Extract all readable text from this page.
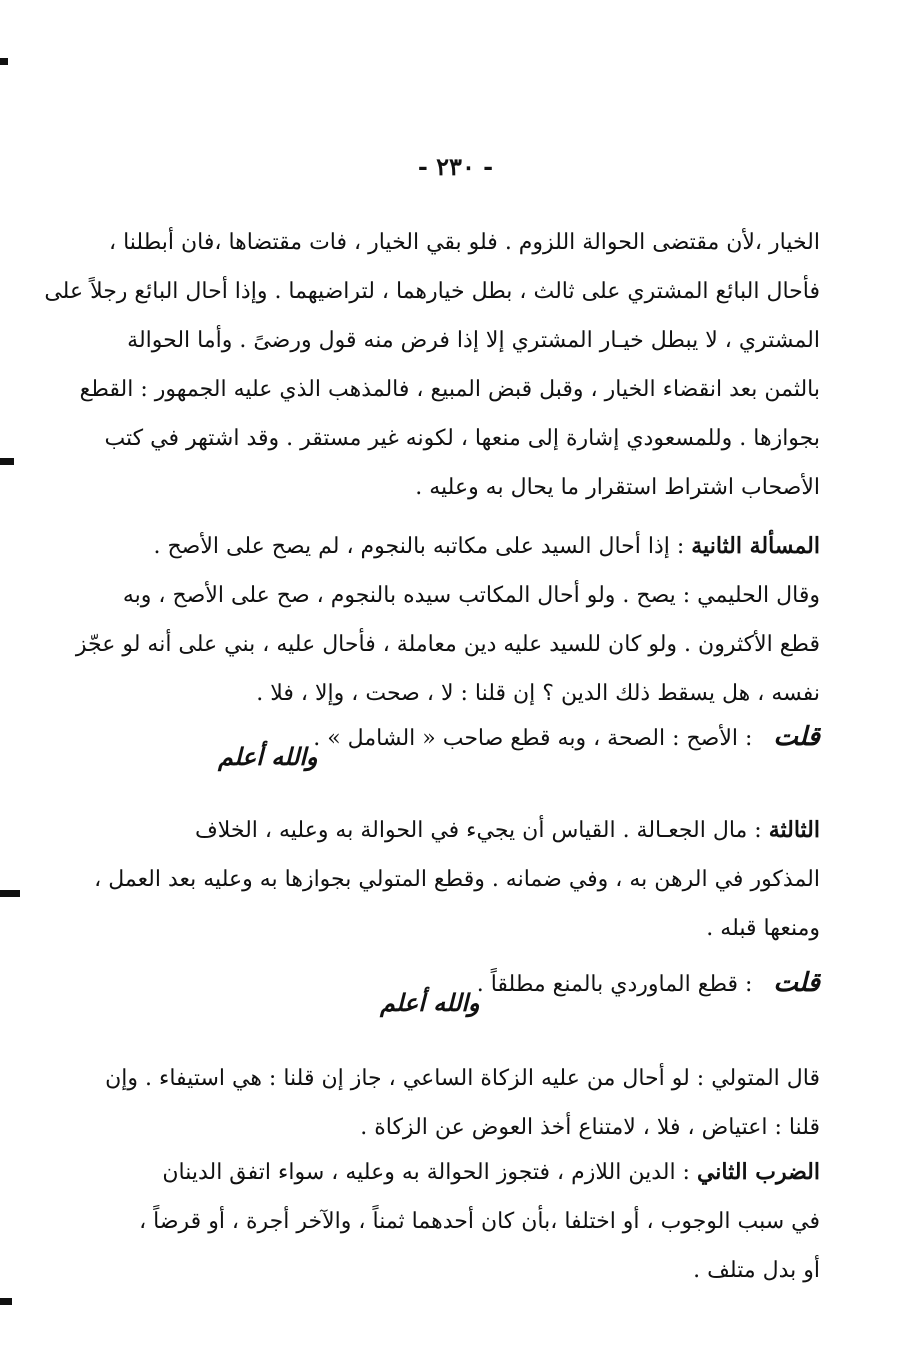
- ٢٣٠ -
الخيار ،لأن مقتضى الحوالة اللزوم . فلو بقي الخيار ، فات مقتضاها ،فان أبطلنا ،
فأحال البائع المشتري على ثالث ، بطل خيارهما ، لتراضيهما . وإذا أحال البائع رجلاً على
المشتري ، لا يبطل خيـار المشتري إلا إذا فرض منه قول ورضىً . وأما الحوالة
بالثمن بعد انقضاء الخيار ، وقبل قبض المبيع ، فالمذهب الذي عليه الجمهور : القطع
بجوازها . وللمسعودي إشارة إلى منعها ، لكونه غير مستقر . وقد اشتهر في كتب
الأصحاب اشتراط استقرار ما يحال به وعليه .
المسألة الثانية : إذا أحال السيد على مكاتبه بالنجوم ، لم يصح على الأصح .
وقال الحليمي : يصح . ولو أحال المكاتب سيده بالنجوم ، صح على الأصح ، وبه
قطع الأكثرون . ولو كان للسيد عليه دين معاملة ، فأحال عليه ، بني على أنه لو عجّز
نفسه ، هل يسقط ذلك الدين ؟ إن قلنا : لا ، صحت ، وإلا ، فلا .
قلت : الأصح : الصحة ، وبه قطع صاحب « الشامل » .
والله أعلم
الثالثة : مال الجعـالة . القياس أن يجيء في الحوالة به وعليه ، الخلاف
المذكور في الرهن به ، وفي ضمانه . وقطع المتولي بجوازها به وعليه بعد العمل ،
ومنعها قبله .
قلت : قطع الماوردي بالمنع مطلقاً .
والله أعلم
قال المتولي : لو أحال من عليه الزكاة الساعي ، جاز إن قلنا : هي استيفاء . وإن
قلنا : اعتياض ، فلا ، لامتناع أخذ العوض عن الزكاة .
الضرب الثاني : الدين اللازم ، فتجوز الحوالة به وعليه ، سواء اتفق الدينان
في سبب الوجوب ، أو اختلفا ،بأن كان أحدهما ثمناً ، والآخر أجرة ، أو قرضاً ،
أو بدل متلف .
